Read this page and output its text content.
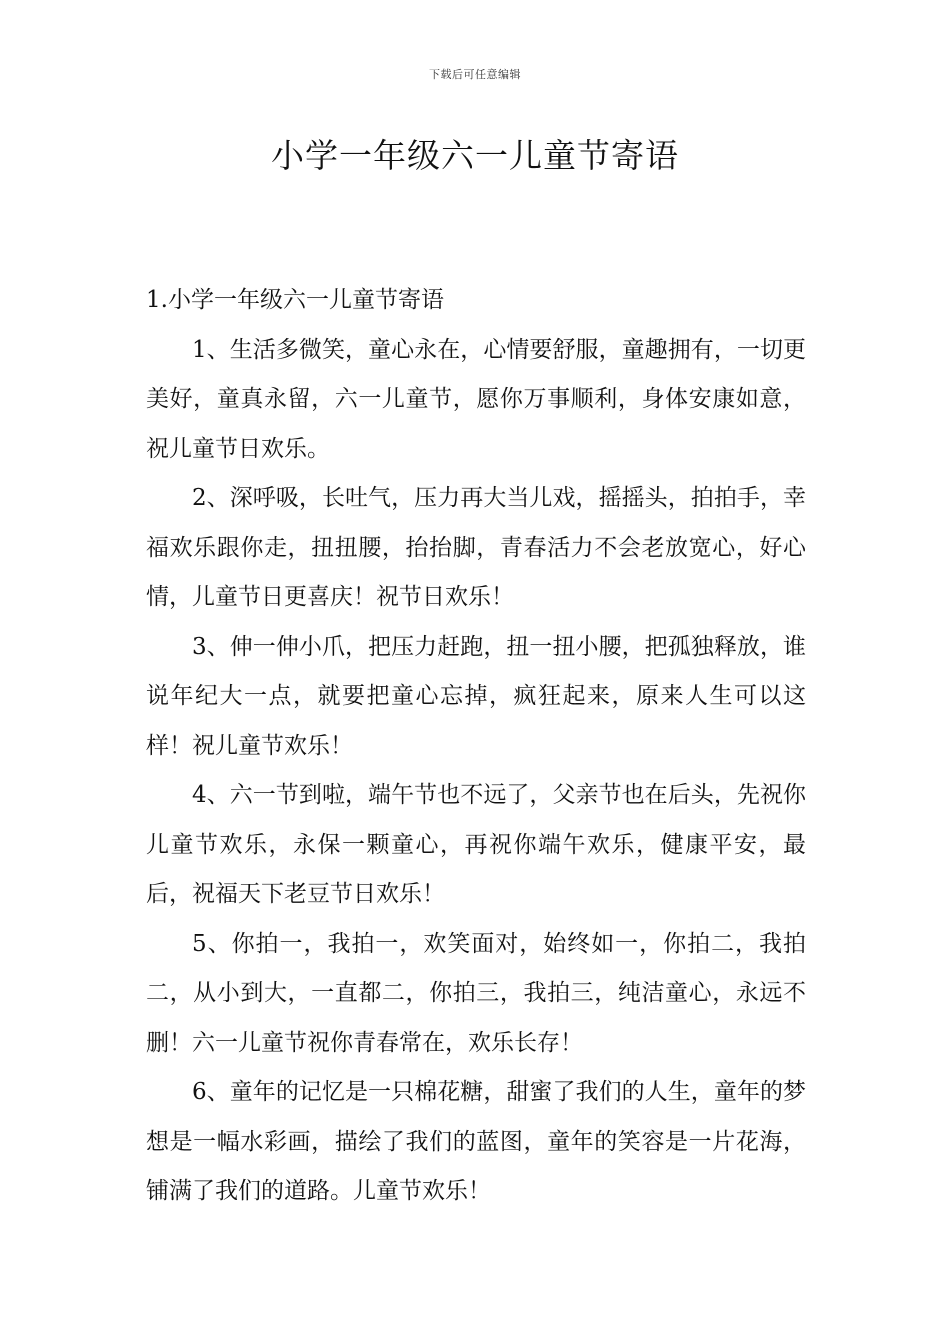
下载后可任意编辑
小学一年级六一儿童节寄语

1.小学一年级六一儿童节寄语

1、生活多微笑，童心永在，心情要舒服，童趣拥有，一切更美好，童真永留，六一儿童节，愿你万事顺利，身体安康如意，祝儿童节日欢乐。

2、深呼吸，长吐气，压力再大当儿戏，摇摇头，拍拍手，幸福欢乐跟你走，扭扭腰，抬抬脚，青春活力不会老放宽心，好心情，儿童节日更喜庆！祝节日欢乐！

3、伸一伸小爪，把压力赶跑，扭一扭小腰，把孤独释放，谁说年纪大一点，就要把童心忘掉，疯狂起来，原来人生可以这样！祝儿童节欢乐！

4、六一节到啦，端午节也不远了，父亲节也在后头，先祝你儿童节欢乐，永保一颗童心，再祝你端午欢乐，健康平安，最后，祝福天下老豆节日欢乐！

5、你拍一，我拍一，欢笑面对，始终如一，你拍二，我拍二，从小到大，一直都二，你拍三，我拍三，纯洁童心，永远不删！六一儿童节祝你青春常在，欢乐长存！

6、童年的记忆是一只棉花糖，甜蜜了我们的人生，童年的梦想是一幅水彩画，描绘了我们的蓝图，童年的笑容是一片花海，铺满了我们的道路。儿童节欢乐！
